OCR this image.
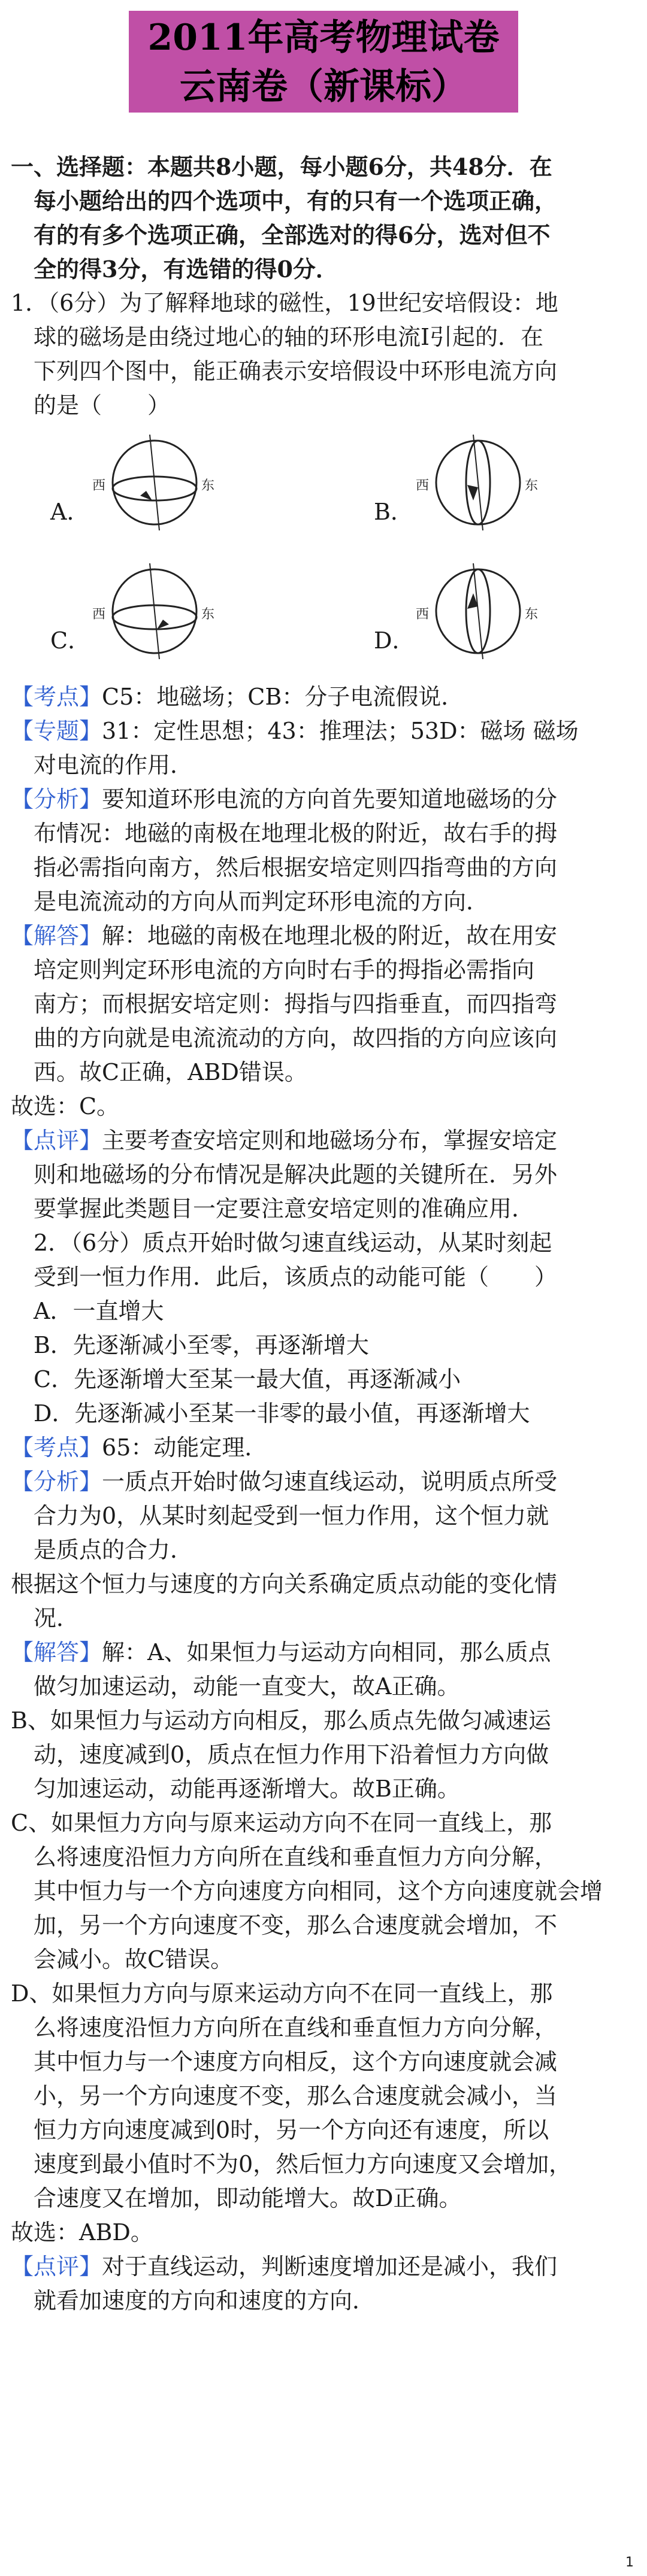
2011年高考物理试卷
云南卷（新课标）

一、选择题：本题共8小题，每小题6分，共48分．在

每小题给出的四个选项中，有的只有一个选项正确，

有的有多个选项正确，全部选对的得6分，选对但不

全的得3分，有选错的得0分．

1．（6分）为了解释地球的磁性，19世纪安培假设：地

球的磁场是由绕过地心的轴的环形电流I引起的．在

下列四个图中，能正确表示安培假设中环形电流方向

的是（　　）

A．
西	东
B．
西	东
C．
西	东
D．
西	东

【考点】C5：地磁场；CB：分子电流假说．

【专题】31：定性思想；43：推理法；53D：磁场 磁场

对电流的作用．

【分析】要知道环形电流的方向首先要知道地磁场的分

布情况：地磁的南极在地理北极的附近，故右手的拇

指必需指向南方，然后根据安培定则四指弯曲的方向

是电流流动的方向从而判定环形电流的方向．

【解答】解：地磁的南极在地理北极的附近，故在用安

培定则判定环形电流的方向时右手的拇指必需指向

南方；而根据安培定则：拇指与四指垂直，而四指弯

曲的方向就是电流流动的方向，故四指的方向应该向

西。故C正确，ABD错误。

故选：C。

【点评】主要考查安培定则和地磁场分布，掌握安培定

则和地磁场的分布情况是解决此题的关键所在．另外

要掌握此类题目一定要注意安培定则的准确应用．

2．（6分）质点开始时做匀速直线运动，从某时刻起

受到一恒力作用．此后，该质点的动能可能（　　）

A．一直增大

B．先逐渐减小至零，再逐渐增大

C．先逐渐增大至某一最大值，再逐渐减小

D．先逐渐减小至某一非零的最小值，再逐渐增大

【考点】65：动能定理．

【分析】一质点开始时做匀速直线运动，说明质点所受

合力为0，从某时刻起受到一恒力作用，这个恒力就

是质点的合力．

根据这个恒力与速度的方向关系确定质点动能的变化情

况．

【解答】解：A、如果恒力与运动方向相同，那么质点

做匀加速运动，动能一直变大，故A正确。

B、如果恒力与运动方向相反，那么质点先做匀减速运

动，速度减到0，质点在恒力作用下沿着恒力方向做

匀加速运动，动能再逐渐增大。故B正确。

C、如果恒力方向与原来运动方向不在同一直线上，那

么将速度沿恒力方向所在直线和垂直恒力方向分解，

其中恒力与一个方向速度方向相同，这个方向速度就会增

加，另一个方向速度不变，那么合速度就会增加，不

会减小。故C错误。

D、如果恒力方向与原来运动方向不在同一直线上，那

么将速度沿恒力方向所在直线和垂直恒力方向分解，

其中恒力与一个速度方向相反，这个方向速度就会减

小，另一个方向速度不变，那么合速度就会减小，当

恒力方向速度减到0时，另一个方向还有速度，所以

速度到最小值时不为0，然后恒力方向速度又会增加，

合速度又在增加，即动能增大。故D正确。

故选：ABD。

【点评】对于直线运动，判断速度增加还是减小，我们

就看加速度的方向和速度的方向．

1
